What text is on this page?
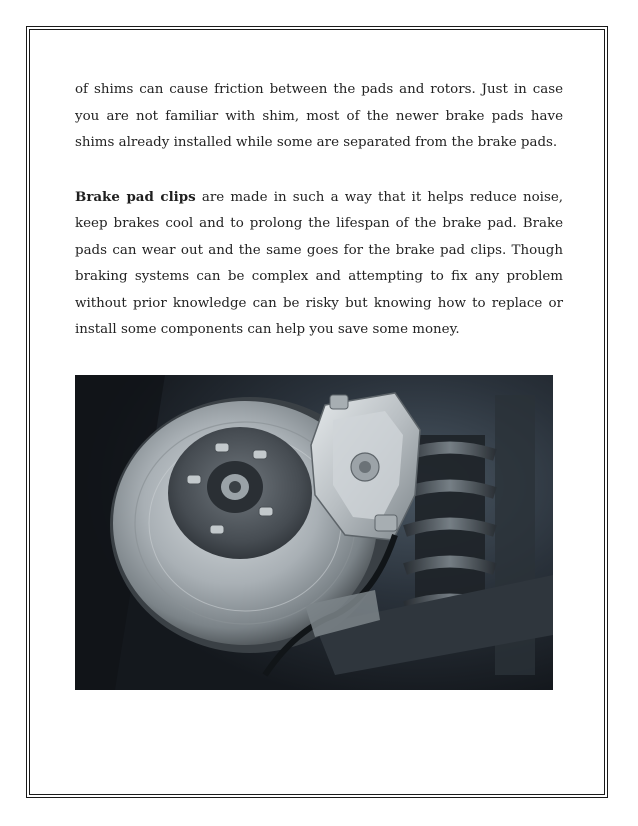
of shims can cause friction between the pads and rotors. Just in case you are not familiar with shim, most of the newer brake pads have shims already installed while some are separated from the brake pads.

Brake pad clips are made in such a way that it helps reduce noise, keep brakes cool and to prolong the lifespan of the brake pad. Brake pads can wear out and the same goes for the brake pad clips. Though braking systems can be complex and attempting to fix any problem without prior knowledge can be risky but knowing how to replace or install some components can help you save some money.
